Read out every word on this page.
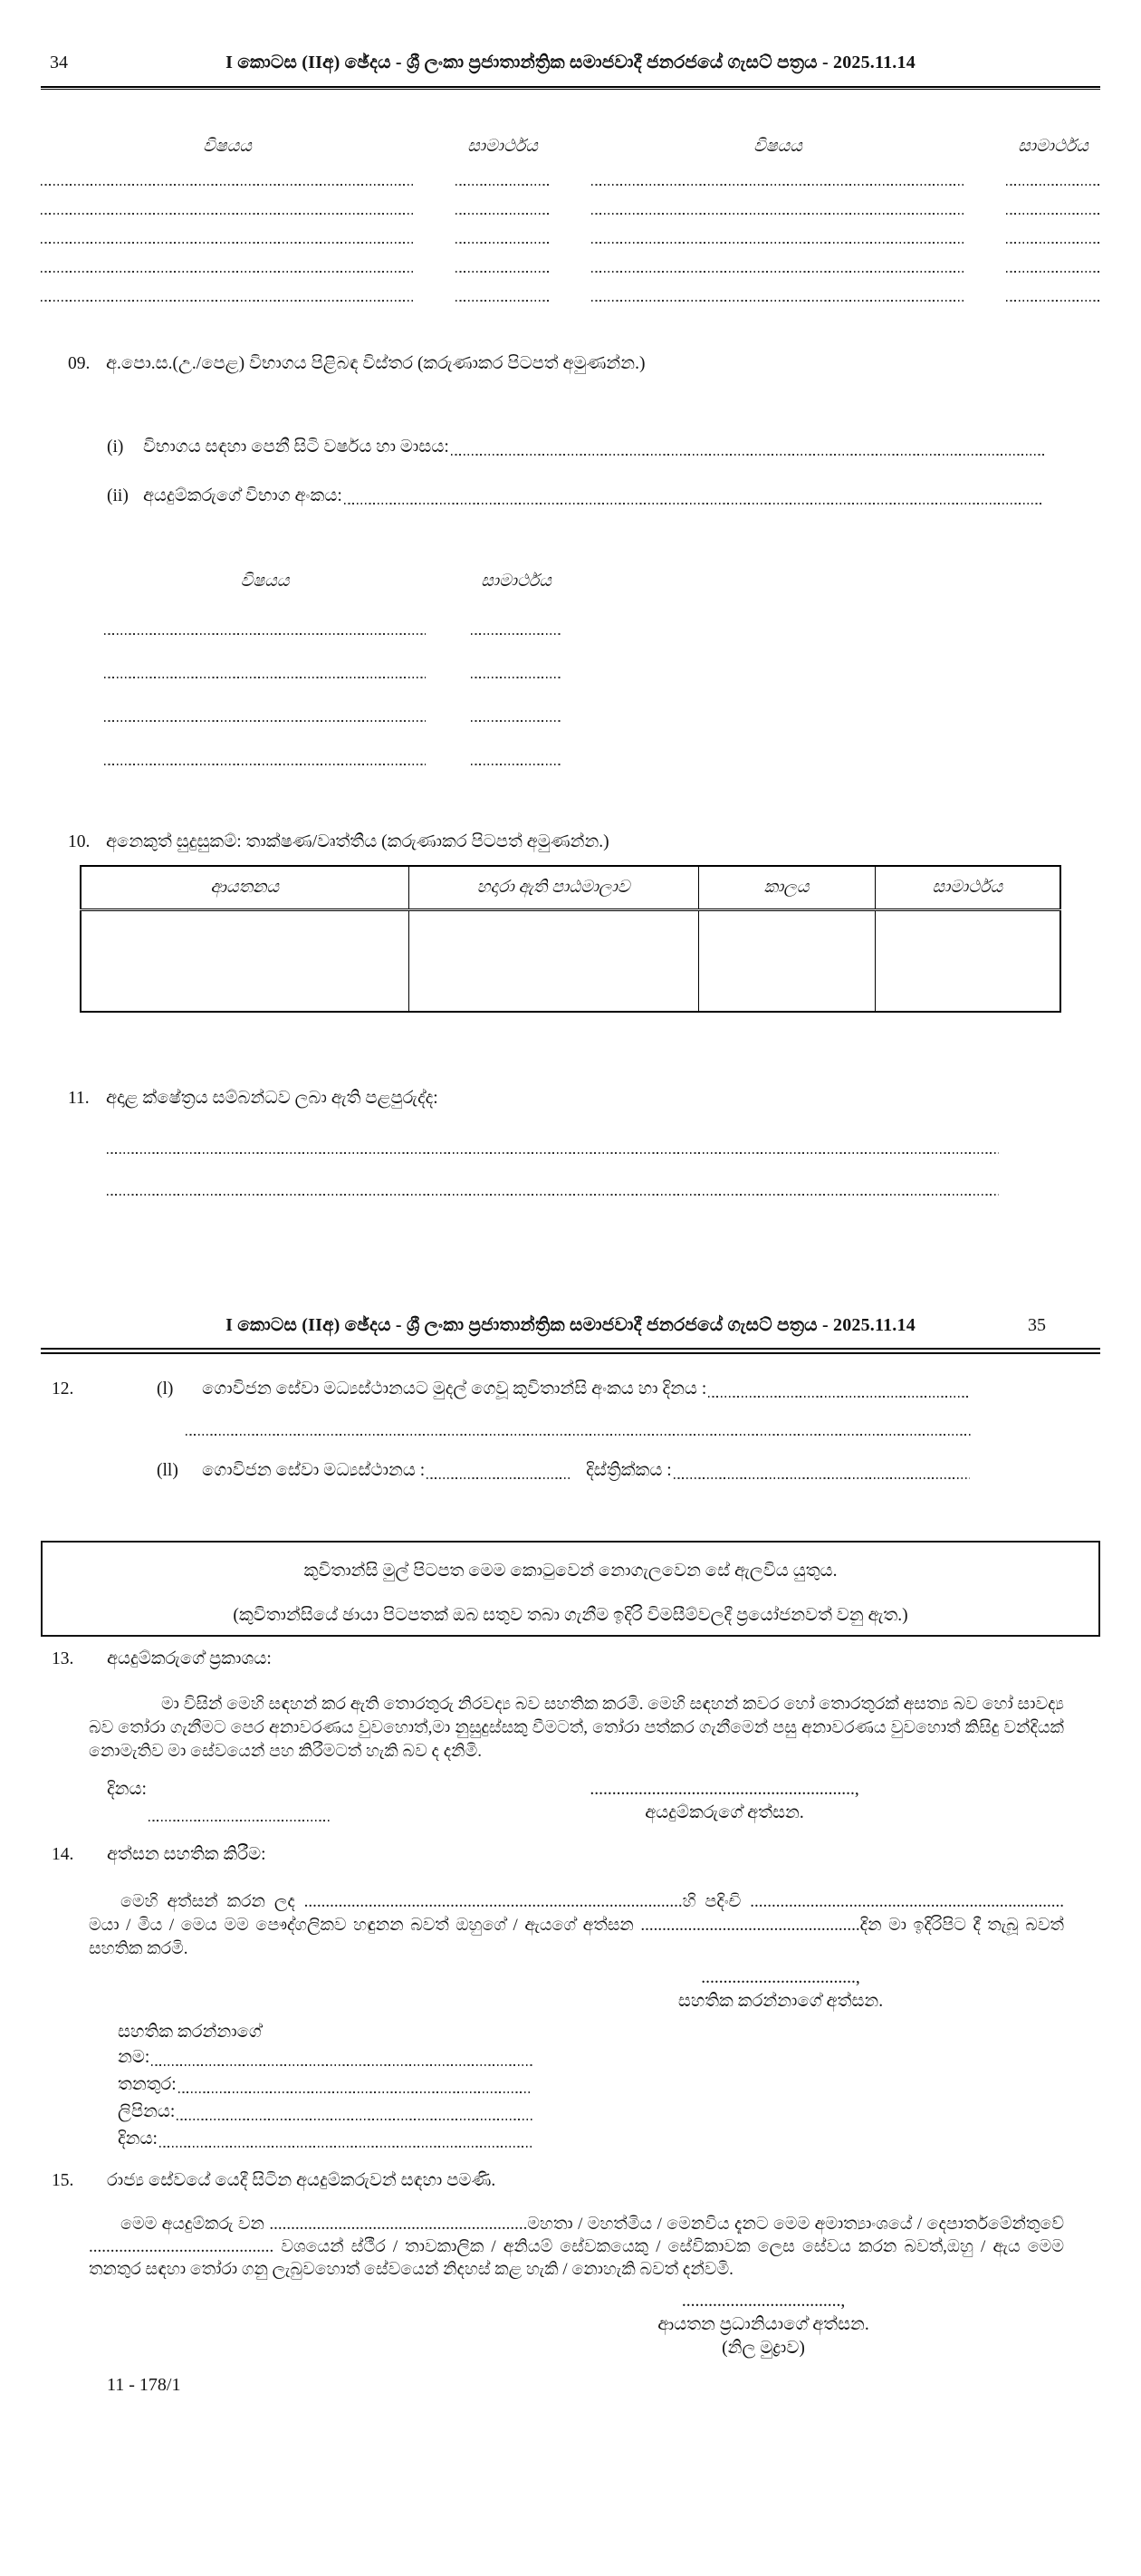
34	I කොටස (IIඅ) ඡේදය - ශ්‍රී ලංකා ප්‍රජාතාන්ත්‍රික සමාජවාදී ජනරජයේ ගැසට් පත්‍රය - 2025.11.14
විෂයය	සාමාර්ථය	විෂයය	සාමාර්ථය
09. අ.පො.ස.(උ./පෙළ) විභාගය පිළිබඳ විස්තර (කරුණාකර පිටපත් අමුණන්න.)
(i)	විභාගය සඳහා පෙනී සිටි වර්ෂය හා මාසය:
(ii) අයදුම්කරුගේ විභාග අංකය:
විෂයය	සාමාර්ථය
10. අනෙකුත් සුදුසුකම්: තාක්ෂණ/වෘත්තීය (කරුණාකර පිටපත් අමුණන්න.)
ආයතනය	හදාරා ඇති පාඨමාලාව	කාලය	සාමාර්ථය

11. අදාළ ක්ෂේත්‍රය සම්බන්ධව ලබා ඇති පළපුරුද්ද:
I කොටස (IIඅ) ඡේදය - ශ්‍රී ලංකා ප්‍රජාතාන්ත්‍රික සමාජවාදී ජනරජයේ ගැසට් පත්‍රය - 2025.11.14	35
12.	(l)	ගොවිජන සේවා මධ්‍යස්ථානයට මුදල් ගෙවූ කුවිතාන්සි අංකය හා දිනය :
(ll)	ගොවිජන සේවා මධ්‍යස්ථානය :	දිස්ත්‍රික්කය :
කුවිතාන්සි මුල් පිටපත මෙම කොටුවෙන් නොගැලවෙන සේ ඇලවිය යුතුය.
(කුවිතාන්සියේ ඡායා පිටපතක් ඔබ සතුව තබා ගැනීම ඉදිරි විමසීම්වලදී ප්‍රයෝජනවත් වනු ඇත.)
13.	අයදුම්කරුගේ ප්‍රකාශය:
මා විසින් මෙහි සඳහන් කර ඇති තොරතුරු නිරවද්‍ය බව සහතික කරමි. මෙහි සඳහන් කවර හෝ තොරතුරක් අසත්‍ය බව හෝ සාවද්‍ය බව තෝරා ගැනීමට පෙර අනාවරණය වුවහොත්,මා නුසුදුස්සකු වීමටත්, තෝරා පත්කර ගැනීමෙන් පසු අනාවරණය වුවහොත් කිසිදු වන්දියක් නොමැතිව මා සේවයෙන් පහ කිරීමටත් හැකි බව ද දනිමි.
දිනය:	............................................................,
අයදුම්කරුගේ අත්සන.
14.	අත්සන සහතික කිරීම:
මෙහි අත්සන් කරන ලද ........................................................................................හි පදිංචි ......................................................................... මයා / මිය / මෙය මම පෞද්ගලිකව හඳුනන බවත් ඔහුගේ / ඇයගේ අත්සන ...................................................දින මා ඉදිරිපිට දී තැබූ බවත් සහතික කරමි.
...................................,
සහතික කරන්නාගේ අත්සන.
සහතික කරන්නාගේ
නම:
තනතුර:
ලිපිනය:
දිනය:
15.	රාජ්‍ය සේවයේ යෙදී සිටින අයදුම්කරුවන් සඳහා පමණි.
මෙම අයදුම්කරු වන ............................................................මහතා / මහත්මිය / මෙනවිය දැනට මෙම අමාත්‍යාංශයේ / දෙපාර්තමේන්තුවේ ........................................... වශයෙන් ස්ථීර / තාවකාලික / අනියම් සේවකයෙකු / සේවිකාවක ලෙස සේවය කරන බවත්,ඔහු / ඇය මෙම තනතුර සඳහා තෝරා ගනු ලැබුවහොත් සේවයෙන් නිදහස් කළ හැකි / නොහැකි බවත් දන්වමි.
....................................,
ආයතන ප්‍රධානියාගේ අත්සන.
(නිල මුද්‍රාව)
11 - 178/1
